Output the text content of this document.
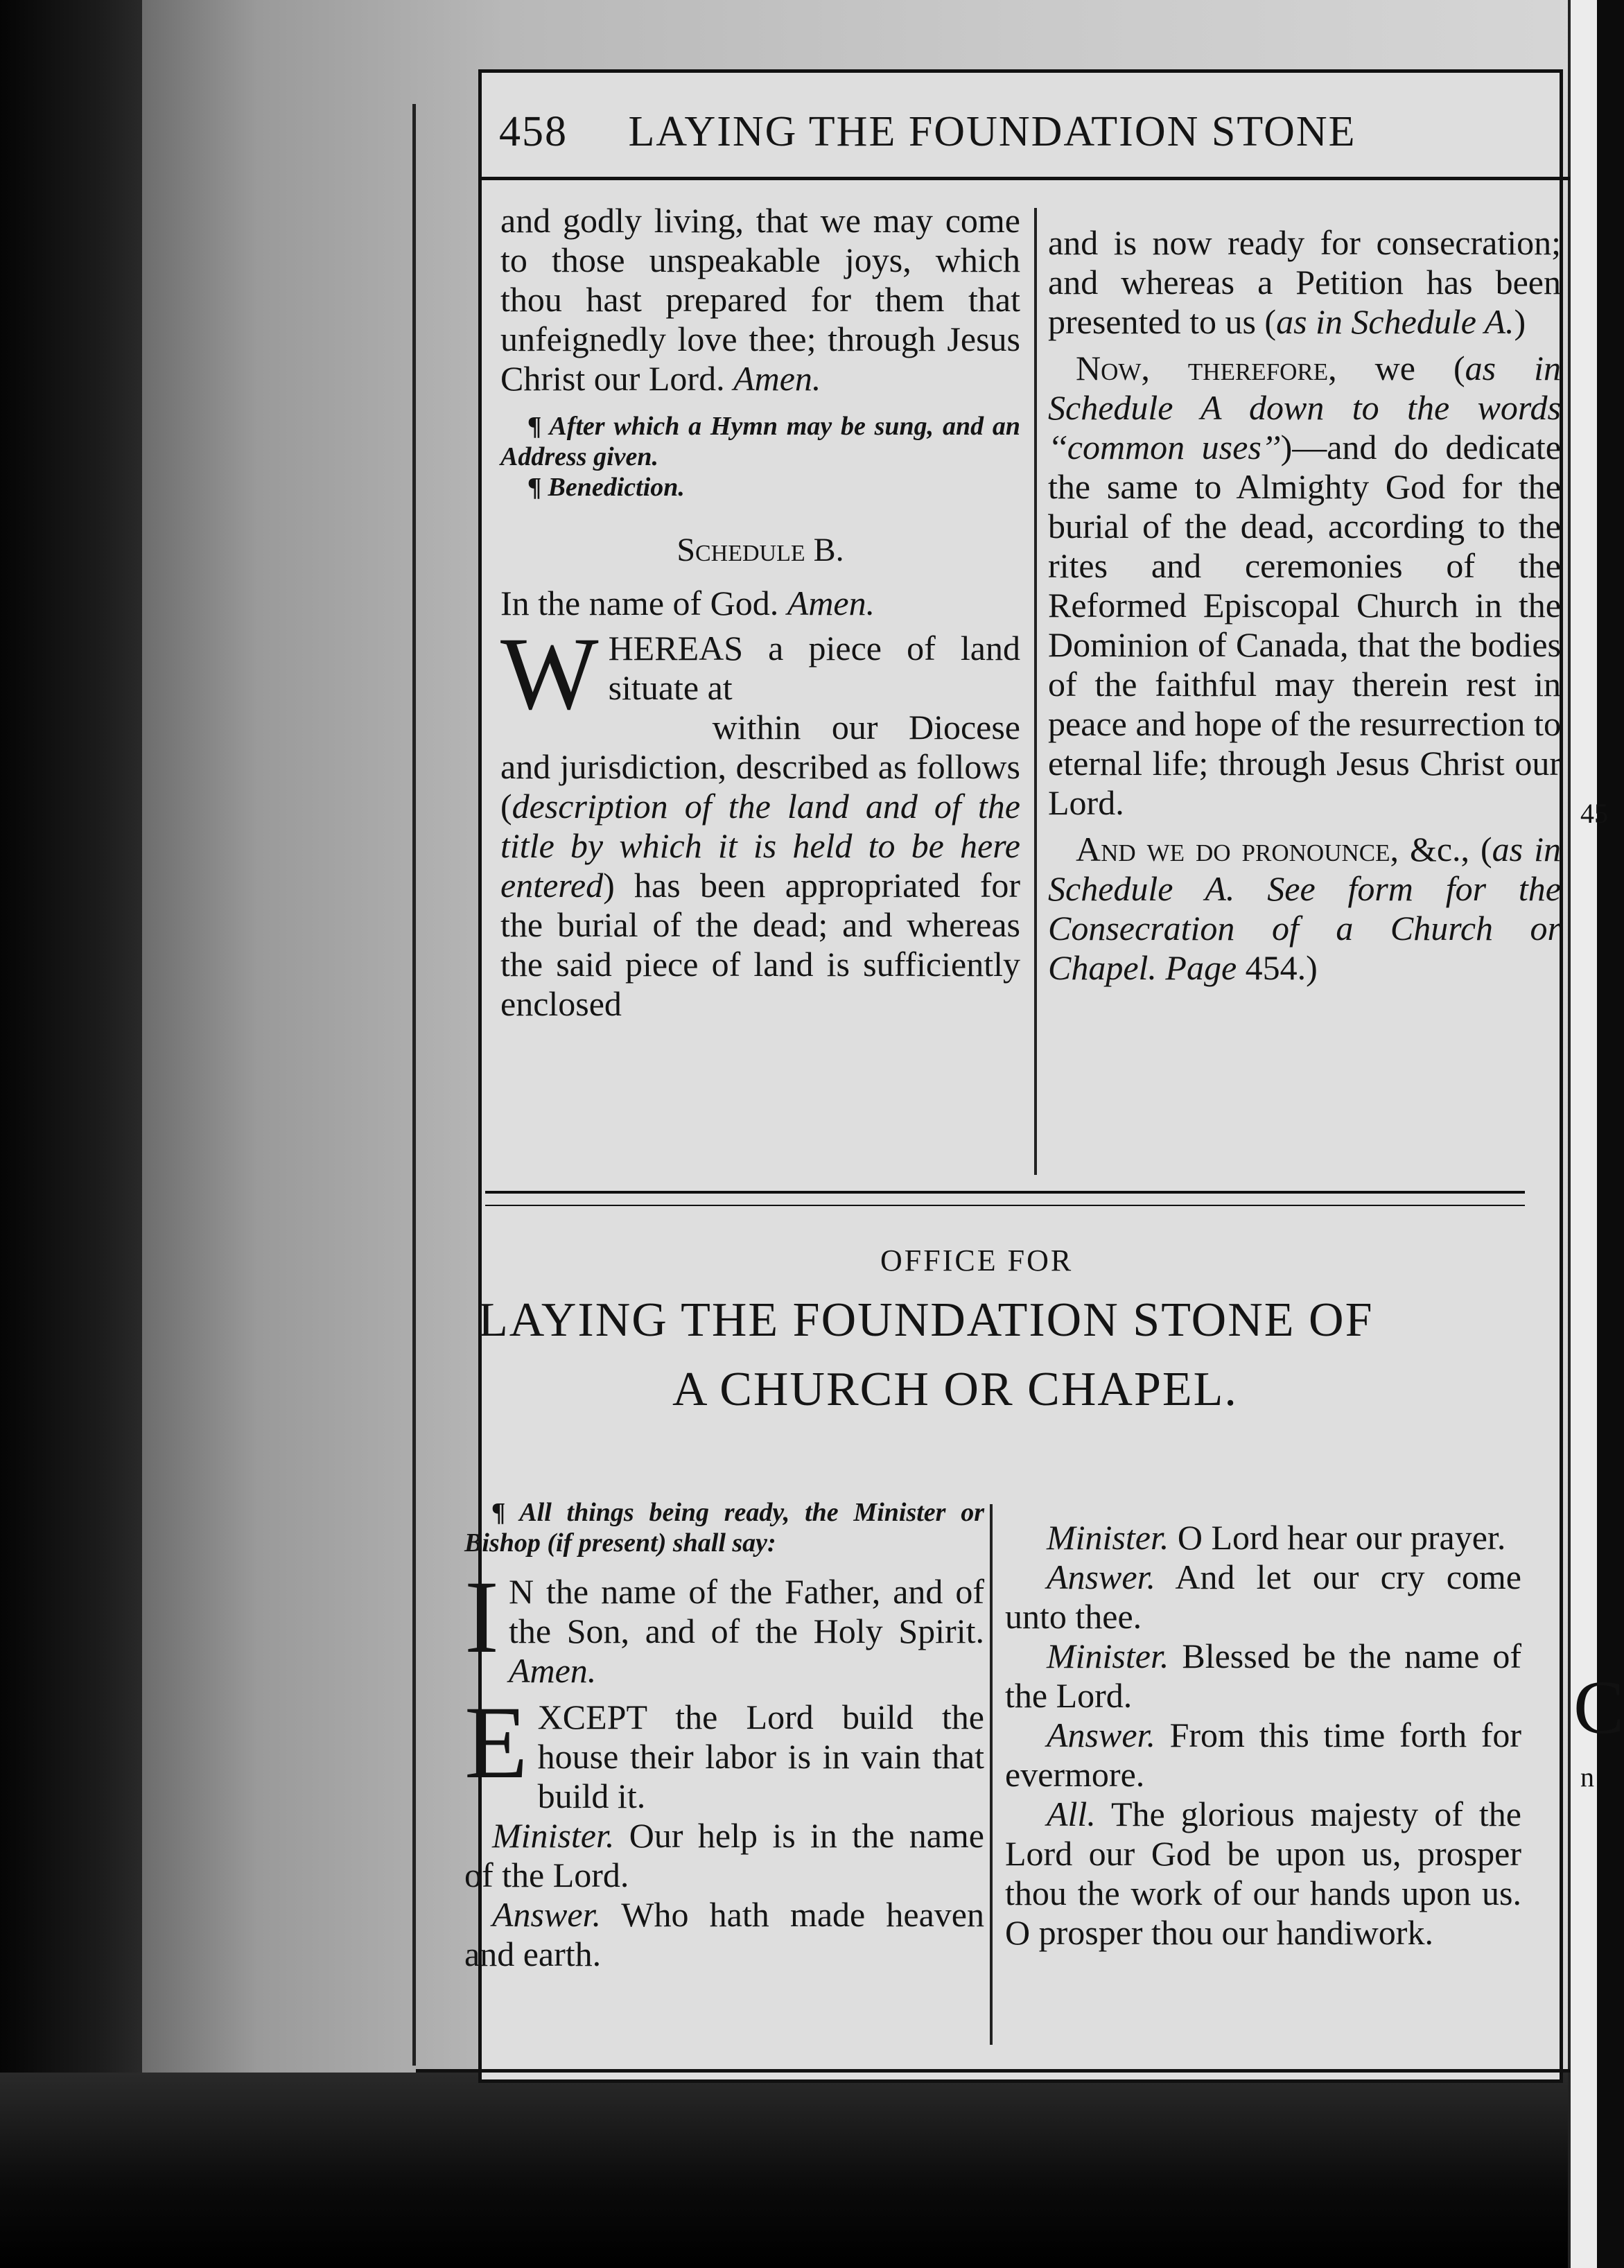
45
C
n
458 LAYING THE FOUNDATION STONE

and godly living, that we may come to those unspeakable joys, which thou hast prepared for them that unfeignedly love thee; through Jesus Christ our Lord. Amen.

¶ After which a Hymn may be sung, and an Address given.

¶ Benediction.

Schedule B.

In the name of God. Amen.

W HEREAS a piece of land situate at
within our Diocese and jurisdiction, described as follows (description of the land and of the title by which it is held to be here entered) has been appropriated for the burial of the dead; and whereas the said piece of land is sufficiently enclosed

and is now ready for consecration; and whereas a Petition has been presented to us (as in Schedule A.)

Now, therefore, we (as in Schedule A down to the words ‘‘common uses’’)—and do dedicate the same to Almighty God for the burial of the dead, according to the rites and ceremonies of the Reformed Episcopal Church in the Dominion of Canada, that the bodies of the faithful may therein rest in peace and hope of the resurrection to eternal life; through Jesus Christ our Lord.

And we do pronounce, &c., (as in Schedule A. See form for the Consecration of a Church or Chapel. Page 454.)

OFFICE FOR
LAYING THE FOUNDATION STONE OF
A CHURCH OR CHAPEL.

¶ All things being ready, the Minister or Bishop (if present) shall say:

I N the name of the Father, and of the Son, and of the Holy Spirit. Amen.
E XCEPT the Lord build the house their labor is in vain that build it.

Minister. Our help is in the name of the Lord.

Answer. Who hath made heaven and earth.

Minister. O Lord hear our prayer.

Answer. And let our cry come unto thee.

Minister. Blessed be the name of the Lord.

Answer. From this time forth for evermore.

All. The glorious majesty of the Lord our God be upon us, prosper thou the work of our hands upon us. O prosper thou our handiwork.
